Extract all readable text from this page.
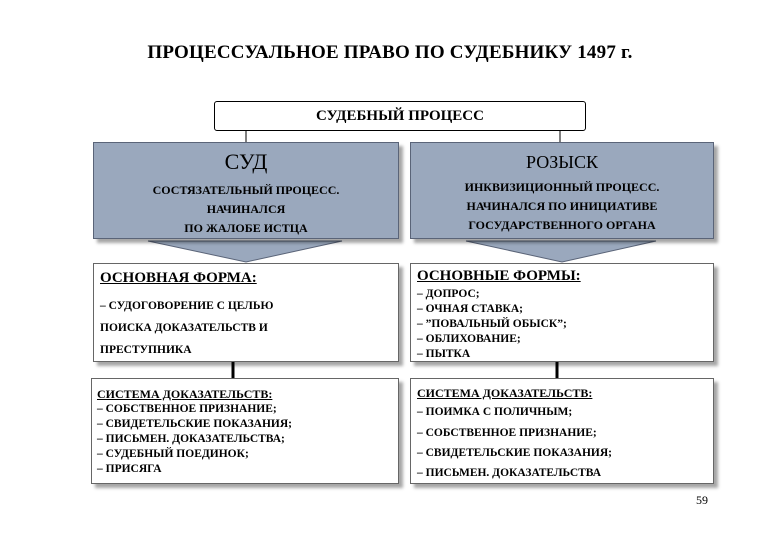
ПРОЦЕССУАЛЬНОЕ ПРАВО ПО СУДЕБНИКУ 1497 г.
СУДЕБНЫЙ ПРОЦЕСС
СУД
СОСТЯЗАТЕЛЬНЫЙ ПРОЦЕСС.
НАЧИНАЛСЯ
ПО ЖАЛОБЕ ИСТЦА
РОЗЫСК
ИНКВИЗИЦИОННЫЙ ПРОЦЕСС.
НАЧИНАЛСЯ ПО ИНИЦИАТИВЕ
ГОСУДАРСТВЕННОГО ОРГАНА
ОСНОВНАЯ ФОРМА:
– СУДОГОВОРЕНИЕ С ЦЕЛЬЮ
ПОИСКА ДОКАЗАТЕЛЬСТВ И
ПРЕСТУПНИКА
ОСНОВНЫЕ ФОРМЫ:
– ДОПРОС;
– ОЧНАЯ СТАВКА;
– ”ПОВАЛЬНЫЙ ОБЫСК”;
– ОБЛИХОВАНИЕ;
– ПЫТКА
СИСТЕМА ДОКАЗАТЕЛЬСТВ:
– СОБСТВЕННОЕ ПРИЗНАНИЕ;
– СВИДЕТЕЛЬСКИЕ ПОКАЗАНИЯ;
– ПИСЬМЕН. ДОКАЗАТЕЛЬСТВА;
– СУДЕБНЫЙ ПОЕДИНОК;
– ПРИСЯГА
СИСТЕМА ДОКАЗАТЕЛЬСТВ:
– ПОИМКА С ПОЛИЧНЫМ;
– СОБСТВЕННОЕ ПРИЗНАНИЕ;
– СВИДЕТЕЛЬСКИЕ ПОКАЗАНИЯ;
– ПИСЬМЕН. ДОКАЗАТЕЛЬСТВА
59
